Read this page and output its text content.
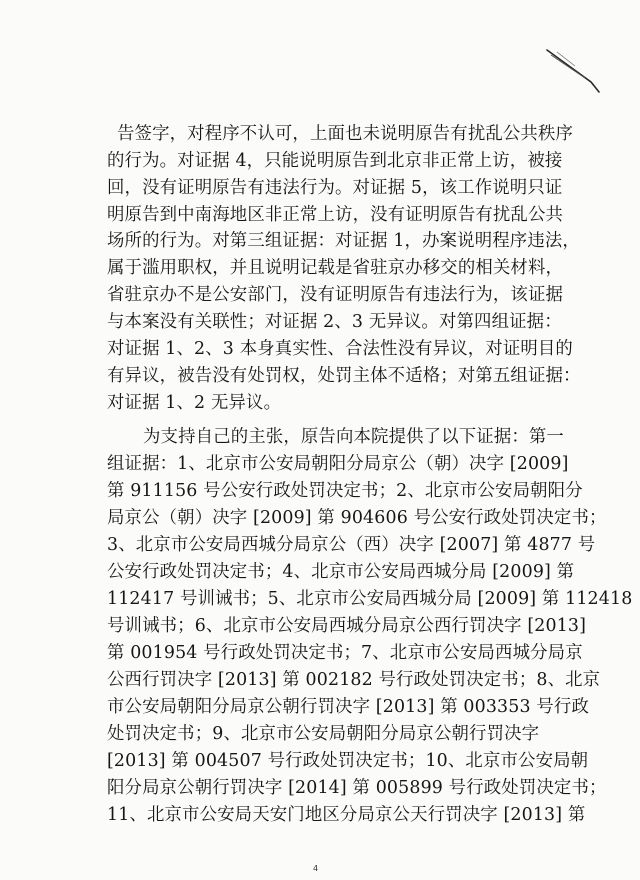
告签字，对程序不认可，上面也未说明原告有扰乱公共秩序
的行为。对证据 4，只能说明原告到北京非正常上访，被接
回，没有证明原告有违法行为。对证据 5，该工作说明只证
明原告到中南海地区非正常上访，没有证明原告有扰乱公共
场所的行为。对第三组证据：对证据 1，办案说明程序违法，
属于滥用职权，并且说明记载是省驻京办移交的相关材料，
省驻京办不是公安部门，没有证明原告有违法行为，该证据
与本案没有关联性；对证据 2、3 无异议。对第四组证据：
对证据 1、2、3 本身真实性、合法性没有异议，对证明目的
有异议，被告没有处罚权，处罚主体不适格；对第五组证据：
对证据 1、2 无异议。
为支持自己的主张，原告向本院提供了以下证据：第一
组证据：1、北京市公安局朝阳分局京公（朝）决字 [2009]
第 911156 号公安行政处罚决定书；2、北京市公安局朝阳分
局京公（朝）决字 [2009] 第 904606 号公安行政处罚决定书；
3、北京市公安局西城分局京公（西）决字 [2007] 第 4877 号
公安行政处罚决定书；4、北京市公安局西城分局 [2009] 第
112417 号训诫书；5、北京市公安局西城分局 [2009] 第 112418
号训诫书；6、北京市公安局西城分局京公西行罚决字 [2013]
第 001954 号行政处罚决定书；7、北京市公安局西城分局京
公西行罚决字 [2013] 第 002182 号行政处罚决定书；8、北京
市公安局朝阳分局京公朝行罚决字 [2013] 第 003353 号行政
处罚决定书；9、北京市公安局朝阳分局京公朝行罚决字
[2013] 第 004507 号行政处罚决定书；10、北京市公安局朝
阳分局京公朝行罚决字 [2014] 第 005899 号行政处罚决定书；
11、北京市公安局天安门地区分局京公天行罚决字 [2013] 第
4
